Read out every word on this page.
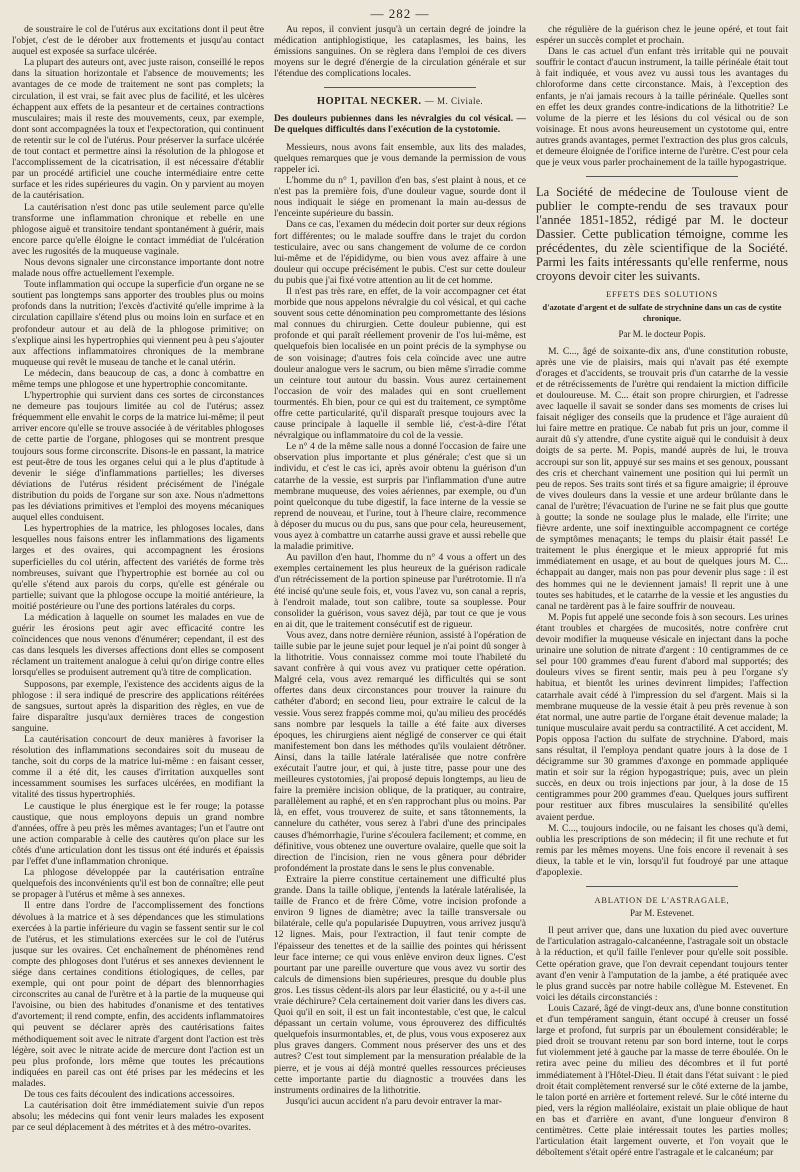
— 282 —

de soustraire le col de l'utérus aux excitations dont il peut être l'objet, c'est de le dérober aux frottements et jusqu'au contact auquel est exposée sa surface ulcérée.

La plupart des auteurs ont, avec juste raison, conseillé le repos dans la situation horizontale et l'absence de mouvements; les avantages de ce mode de traitement ne sont pas complets; la circulation, il est vrai, se fait avec plus de facilité, et les ulcères échappent aux effets de la pesanteur et de certaines contractions musculaires; mais il reste des mouvements, ceux, par exemple, dont sont accompagnées la toux et l'expectoration, qui continuent de retentir sur le col de l'utérus. Pour préserver la surface ulcérée de tout contact et permettre ainsi la résolution de la phlogose et l'accomplissement de la cicatrisation, il est nécessaire d'établir par un procédé artificiel une couche intermédiaire entre cette surface et les rides supérieures du vagin. On y parvient au moyen de la cautérisation.

La cautérisation n'est donc pas utile seulement parce qu'elle transforme une inflammation chronique et rebelle en une phlogose aiguë et transitoire tendant spontanément à guérir, mais encore parce qu'elle éloigne le contact immédiat de l'ulcération avec les rugosités de la muqueuse vaginale.

Nous devons signaler une circonstance importante dont notre malade nous offre actuellement l'exemple.

Toute inflammation qui occupe la superficie d'un organe ne se soutient pas longtemps sans apporter des troubles plus ou moins profonds dans la nutrition; l'excès d'activité qu'elle imprime à la circulation capillaire s'étend plus ou moins loin en surface et en profondeur autour et au delà de la phlogose primitive; on s'explique ainsi les hypertrophies qui viennent peu à peu s'ajouter aux affections inflammatoires chroniques de la membrane muqueuse qui revêt le museau de tanche et le canal utérin.

Le médecin, dans beaucoup de cas, a donc à combattre en même temps une phlogose et une hypertrophie concomitante.

L'hypertrophie qui survient dans ces sortes de circonstances ne demeure pas toujours limitée au col de l'utérus; assez fréquemment elle envahit le corps de la matrice lui-même; il peut arriver encore qu'elle se trouve associée à de véritables phlogoses de cette partie de l'organe, phlogoses qui se montrent presque toujours sous forme circonscrite. Disons-le en passant, la matrice est peut-être de tous les organes celui qui a le plus d'aptitude à devenir le siége d'inflammations partielles; les diverses déviations de l'utérus résident précisément de l'inégale distribution du poids de l'organe sur son axe. Nous n'admettons pas les déviations primitives et l'emploi des moyens mécaniques auquel elles conduisent.

Les hypertrophies de la matrice, les phlogoses locales, dans lesquelles nous faisons entrer les inflammations des ligaments larges et des ovaires, qui accompagnent les érosions superficielles du col utérin, affectent des variétés de forme très nombreuses, suivant que l'hypertrophie est bornée au col ou qu'elle s'étend aux parois du corps, qu'elle est générale ou partielle; suivant que la phlogose occupe la moitié antérieure, la moitié postérieure ou l'une des portions latérales du corps.

La médication à laquelle on soumet les malades en vue de guérir les érosions peut agir avec efficacité contre les coïncidences que nous venons d'énumérer; cependant, il est des cas dans lesquels les diverses affections dont elles se composent réclament un traitement analogue à celui qu'on dirige contre elles lorsqu'elles se produisent autrement qu'à titre de complication.

Supposons, par exemple, l'existence des accidents aigus de la phlogose : il sera indiqué de prescrire des applications réitérées de sangsues, surtout après la disparition des règles, en vue de faire disparaître jusqu'aux dernières traces de congestion sanguine.

La cautérisation concourt de deux manières à favoriser la résolution des inflammations secondaires soit du museau de tanche, soit du corps de la matrice lui-même : en faisant cesser, comme il a été dit, les causes d'irritation auxquelles sont incessamment soumises les surfaces ulcérées, en modifiant la vitalité des tissus hypertrophiés.

Le caustique le plus énergique est le fer rouge; la potasse caustique, que nous employons depuis un grand nombre d'années, offre à peu près les mêmes avantages; l'un et l'autre ont une action comparable à celle des cautères qu'on place sur les côtés d'une articulation dont les tissus ont été indurés et épaissis par l'effet d'une inflammation chronique.

La phlogose développée par la cautérisation entraîne quelquefois des inconvénients qu'il est bon de connaître; elle peut se propager à l'utérus et même à ses annexes.

Il entre dans l'ordre de l'accomplissement des fonctions dévolues à la matrice et à ses dépendances que les stimulations exercées à la partie inférieure du vagin se fassent sentir sur le col de l'utérus, et les stimulations exercées sur le col de l'utérus jusque sur les ovaires. Cet enchaînement de phénomènes rend compte des phlogoses dont l'utérus et ses annexes deviennent le siége dans certaines conditions étiologiques, de celles, par exemple, qui ont pour point de départ des blennorrhagies circonscrites au canal de l'urètre et à la partie de la muqueuse qui l'avoisine, ou bien des habitudes d'onanisme et des tentatives d'avortement; il rend compte, enfin, des accidents inflammatoires qui peuvent se déclarer après des cautérisations faites méthodiquement soit avec le nitrate d'argent dont l'action est très légère, soit avec le nitrate acide de mercure dont l'action est un peu plus profonde, lors même que toutes les précautions indiquées en pareil cas ont été prises par les médecins et les malades.

De tous ces faits découlent des indications accessoires.

La cautérisation doit être immédiatement suivie d'un repos absolu; les médecins qui font venir leurs malades les exposent par ce seul déplacement à des métrites et à des métro-ovarites.

Au repos, il convient jusqu'à un certain degré de joindre la médication antiphlogistique, les cataplasmes, les bains, les émissions sanguines. On se règlera dans l'emploi de ces divers moyens sur le degré d'énergie de la circulation générale et sur l'étendue des complications locales.

HOPITAL NECKER. — M. Civiale.
Des douleurs pubiennes dans les névralgies du col vésical. — De quelques difficultés dans l'exécution de la cystotomie.

Messieurs, nous avons fait ensemble, aux lits des malades, quelques remarques que je vous demande la permission de vous rappeler ici.

L'homme du n° 1, pavillon d'en bas, s'est plaint à nous, et ce n'est pas la première fois, d'une douleur vague, sourde dont il nous indiquait le siége en promenant la main au-dessus de l'enceinte supérieure du bassin.

Dans ce cas, l'examen du médecin doit porter sur deux régions fort différentes; ou le malade souffre dans le trajet du cordon testiculaire, avec ou sans changement de volume de ce cordon lui-même et de l'épididyme, ou bien vous avez affaire à une douleur qui occupe précisément le pubis. C'est sur cette douleur du pubis que j'ai fixé votre attention au lit de cet homme.

Il n'est pas très rare, en effet, de la voir accompagner cet état morbide que nous appelons névralgie du col vésical, et qui cache souvent sous cette dénomination peu compromettante des lésions mal connues du chirurgien. Cette douleur pubienne, qui est profonde et qui paraît réellement provenir de l'os lui-même, est quelquefois bien localisée en un point précis de la symphyse ou de son voisinage; d'autres fois cela coïncide avec une autre douleur analogue vers le sacrum, ou bien même s'irradie comme un ceinture tout autour du bassin. Vous aurez certainement l'occasion de voir des malades qui en sont cruellement tourmentés. Eh bien, pour ce qui est du traitement, ce symptôme offre cette particularité, qu'il disparaît presque toujours avec la cause principale à laquelle il semble lié, c'est-à-dire l'état névralgique ou inflammatoire du col de la vessie.

Le n° 4 de la même salle nous a donné l'occasion de faire une observation plus importante et plus générale; c'est que si un individu, et c'est le cas ici, après avoir obtenu la guérison d'un catarrhe de la vessie, est surpris par l'inflammation d'une autre membrane muqueuse, des voies aériennes, par exemple, ou d'un point quelconque du tube digestif, la face interne de la vessie se reprend de nouveau, et l'urine, tout à l'heure claire, recommence à déposer du mucus ou du pus, sans que pour cela, heureusement, vous ayez à combattre un catarrhe aussi grave et aussi rebelle que la maladie primitive.

Au pavillon d'en haut, l'homme du n° 4 vous a offert un des exemples certainement les plus heureux de la guérison radicale d'un rétrécissement de la portion spineuse par l'urétrotomie. Il n'a été incisé qu'une seule fois, et, vous l'avez vu, son canal a repris, à l'endroit malade, tout son calibre, toute sa souplesse. Pour consolider la guérison, vous savez déjà, par tout ce que je vous en ai dit, que le traitement consécutif est de rigueur.

Vous avez, dans notre dernière réunion, assisté à l'opération de taille subie par le jeune sujet pour lequel je n'ai point dû songer à la lithotritie. Vous connaissez comme moi toute l'habileté du savant confrère à qui vous avez vu pratiquer cette opération. Malgré cela, vous avez remarqué les difficultés qui se sont offertes dans deux circonstances pour trouver la rainure du cathéter d'abord; en second lieu, pour extraire le calcul de la vessie. Vous serez frappés comme moi, qu'au milieu des procédés sans nombre par lesquels la taille a été faite aux diverses époques, les chirurgiens aient négligé de conserver ce qui était manifestement bon dans les méthodes qu'ils voulaient détrôner. Ainsi, dans la taille latérale latéralisée que notre confrère exécutait l'autre jour, et qui, à juste titre, passe pour une des meilleures cystotomies, j'ai proposé depuis longtemps, au lieu de faire la première incision oblique, de la pratiquer, au contraire, parallèlement au raphé, et en s'en rapprochant plus ou moins. Par là, en effet, vous trouverez de suite, et sans tâtonnements, la cannelure du cathéter, vous serez à l'abri d'une des principales causes d'hémorrhagie, l'urine s'écoulera facilement; et comme, en définitive, vous obtenez une ouverture ovalaire, quelle que soit la direction de l'incision, rien ne vous gênera pour débrider profondément la prostate dans le sens le plus convenable.

Extraire la pierre constitue certainement une difficulté plus grande. Dans la taille oblique, j'entends la latérale latéralisée, la taille de Franco et de frère Côme, votre incision profonde a environ 9 lignes de diamètre; avec la taille transversale ou bilatérale, celle qu'a popularisée Dupuytren, vous arrivez jusqu'à 12 lignes. Mais, pour l'extraction, il faut tenir compte de l'épaisseur des tenettes et de la saillie des pointes qui hérissent leur face interne; ce qui vous enlève environ deux lignes. C'est pourtant par une pareille ouverture que vous avez vu sortir des calculs de dimensions bien supérieures, presque du double plus gros. Les tissus cèdent-ils alors par leur élasticité, ou y a-t-il une vraie déchirure? Cela certainement doit varier dans les divers cas. Quoi qu'il en soit, il est un fait incontestable, c'est que, le calcul dépassant un certain volume, vous éprouverez des difficultés quelquefois insurmontables, et, de plus, vous vous exposerez aux plus graves dangers. Comment nous préserver des uns et des autres? C'est tout simplement par la mensuration préalable de la pierre, et je vous ai déjà montré quelles ressources précieuses cette importante partie du diagnostic a trouvées dans les instruments ordinaires de la lithotritie.

Jusqu'ici aucun accident n'a paru devoir entraver la mar-

che régulière de la guérison chez le jeune opéré, et tout fait espérer un succès complet et prochain.

Dans le cas actuel d'un enfant très irritable qui ne pouvait souffrir le contact d'aucun instrument, la taille périnéale était tout à fait indiquée, et vous avez vu aussi tous les avantages du chloroforme dans cette circonstance. Mais, à l'exception des enfants, je n'ai jamais recours à la taille périnéale. Quelles sont en effet les deux grandes contre-indications de la lithotritie? Le volume de la pierre et les lésions du col vésical ou de son voisinage. Et nous avons heureusement un cystotome qui, entre autres grands avantages, permet l'extraction des plus gros calculs, et demeure éloignée de l'orifice interne de l'urètre. C'est pour cela que je veux vous parler prochainement de la taille hypogastrique.

La Société de médecine de Toulouse vient de publier le compte-rendu de ses travaux pour l'année 1851-1852, rédigé par M. le docteur Dassier. Cette publication témoigne, comme les précédentes, du zèle scientifique de la Société. Parmi les faits intéressants qu'elle renferme, nous croyons devoir citer les suivants.
EFFETS DES SOLUTIONS
d'azotate d'argent et de sulfate de strychnine dans un cas de cystite chronique.
Par M. le docteur Popis.

M. C..., âgé de soixante-dix ans, d'une constitution robuste, après une vie de plaisirs, mais qui n'avait pas été exempte d'orages et d'accidents, se trouvait pris d'un catarrhe de la vessie et de rétrécissements de l'urètre qui rendaient la miction difficile et douloureuse. M. C... était son propre chirurgien, et l'adresse avec laquelle il savait se sonder dans ses moments de crises lui faisait négliger des conseils que la prudence et l'âge auraient dû lui faire mettre en pratique. Ce nabab fut pris un jour, comme il aurait dû s'y attendre, d'une cystite aiguë qui le conduisit à deux doigts de sa perte. M. Popis, mandé auprès de lui, le trouva accroupi sur son lit, appuyé sur ses mains et ses genoux, poussant des cris et cherchant vainement une position qui lui permît un peu de repos. Ses traits sont tirés et sa figure amaigrie; il éprouve de vives douleurs dans la vessie et une ardeur brûlante dans le canal de l'urètre; l'évacuation de l'urine ne se fait plus que goutte à goutte; la sonde ne soulage plus le malade, elle l'irrite; une fièvre ardente, une soif inextinguible accompagnent ce cortége de symptômes menaçants; le temps du plaisir était passé! Le traitement le plus énergique et le mieux approprié fut mis immédiatement en usage, et au bout de quelques jours M. C... échappait au danger, mais non pas pour devenir plus sage : il est des hommes qui ne le deviennent jamais! Il reprit une à une toutes ses habitudes, et le catarrhe de la vessie et les angusties du canal ne tardèrent pas à le faire souffrir de nouveau.

M. Popis fut appelé une seconde fois à son secours. Les urines étant troubles et chargées de mucosités, notre confrère crut devoir modifier la muqueuse vésicale en injectant dans la poche urinaire une solution de nitrate d'argent : 10 centigrammes de ce sel pour 100 grammes d'eau furent d'abord mal supportés; des douleurs vives se firent sentir, mais peu à peu l'organe s'y habitua, et bientôt les urines devinrent limpides; l'affection catarrhale avait cédé à l'impression du sel d'argent. Mais si la membrane muqueuse de la vessie était à peu près revenue à son état normal, une autre partie de l'organe était devenue malade; la tunique musculaire avait perdu sa contractilité. A cet accident, M. Popis opposa l'action du sulfate de strychnine. D'abord, mais sans résultat, il l'employa pendant quatre jours à la dose de 1 décigramme sur 30 grammes d'axonge en pommade appliquée matin et soir sur la région hypogastrique; puis, avec un plein succès, en deux ou trois injections par jour, à la dose de 15 centigrammes pour 200 grammes d'eau. Quelques jours suffirent pour restituer aux fibres musculaires la sensibilité qu'elles avaient perdue.

M. C..., toujours indocile, ou ne faisant les choses qu'à demi, oublia les prescriptions de son médecin; il fit une rechute et fut remis par les mêmes moyens. Une fois encore il revenait à ses dieux, la table et le vin, lorsqu'il fut foudroyé par une attaque d'apoplexie.

ABLATION DE L'ASTRAGALE,
Par M. Estevenet.

Il peut arriver que, dans une luxation du pied avec ouverture de l'articulation astragalo-calcanéenne, l'astragale soit un obstacle à la réduction, et qu'il faille l'enlever pour qu'elle soit possible. Cette opération grave, que l'on devrait cependant toujours tenter avant d'en venir à l'amputation de la jambe, a été pratiquée avec le plus grand succès par notre habile collègue M. Estevenet. En voici les détails circonstanciés :

Louis Cazaré, âgé de vingt-deux ans, d'une bonne constitution et d'un tempérament sanguin, étant occupé à creuser un fossé large et profond, fut surpris par un éboulement considérable; le pied droit se trouvant retenu par son bord interne, tout le corps fut violemment jeté à gauche par la masse de terre éboulée. On le retira avec peine du milieu des décombres et il fut porté immédiatement à l'Hôtel-Dieu. Il était dans l'état suivant : le pied droit était complètement renversé sur le côté externe de la jambe, le talon porté en arrière et fortement relevé. Sur le côté interne du pied, vers la région malléolaire, existait un plaie oblique de haut en bas et d'arrière en avant, d'une longueur d'environ 8 centimètres. Cette plaie intéressait toutes les parties molles; l'articulation était largement ouverte, et l'on voyait que le déboîtement s'était opéré entre l'astragale et le calcanéum; par
